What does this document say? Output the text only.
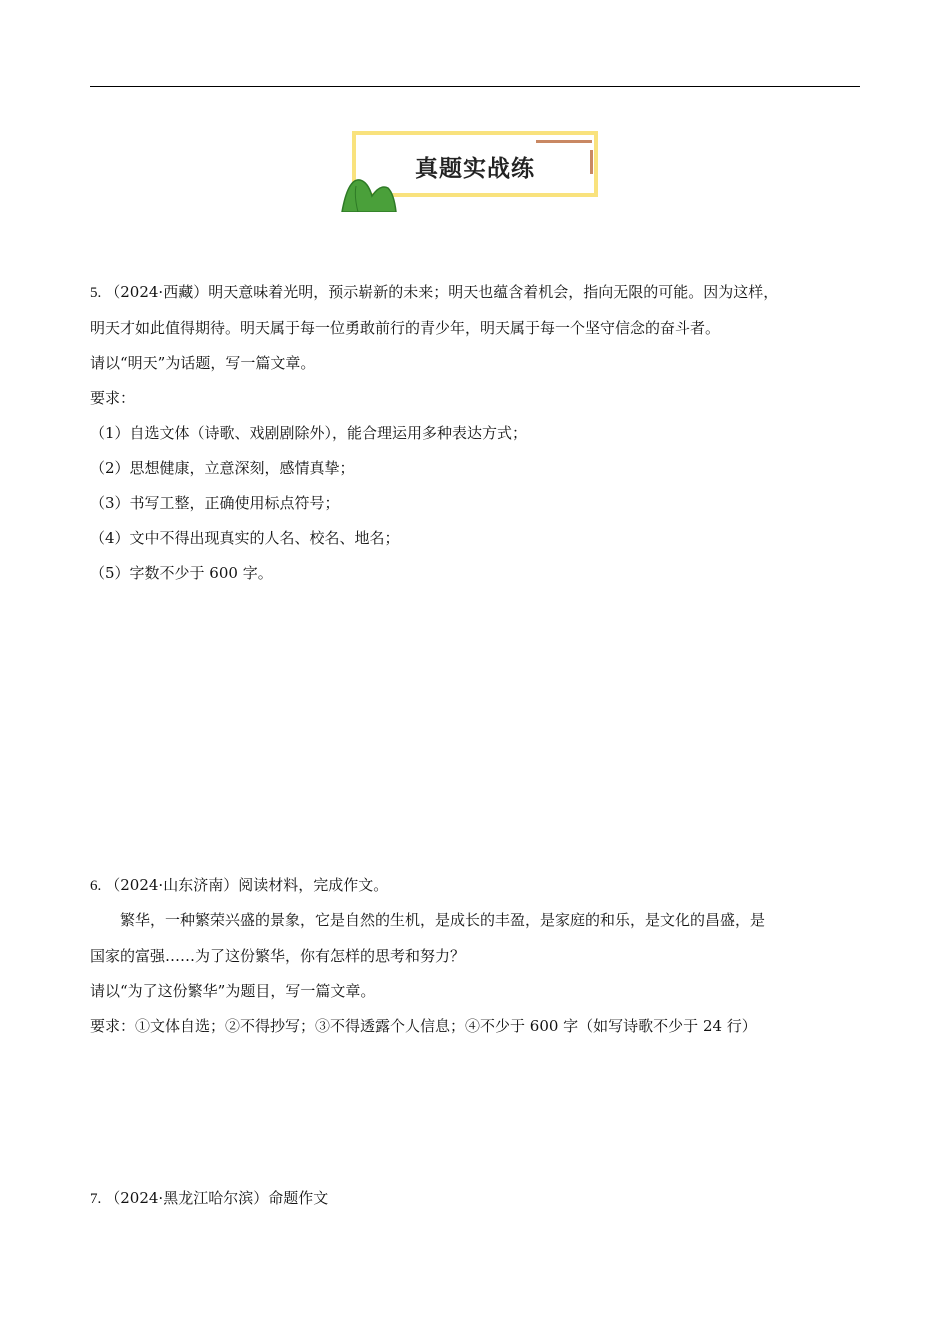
真题实战练
5. （2024·西藏）明天意味着光明，预示崭新的未来；明天也蕴含着机会，指向无限的可能。因为这样，
明天才如此值得期待。明天属于每一位勇敢前行的青少年，明天属于每一个坚守信念的奋斗者。
请以“明天”为话题，写一篇文章。
要求：
（1）自选文体（诗歌、戏剧剧除外），能合理运用多种表达方式；
（2）思想健康，立意深刻，感情真挚；
（3）书写工整，正确使用标点符号；
（4）文中不得出现真实的人名、校名、地名；
（5）字数不少于 600 字。
6. （2024·山东济南）阅读材料，完成作文。
繁华，一种繁荣兴盛的景象，它是自然的生机，是成长的丰盈，是家庭的和乐，是文化的昌盛，是
国家的富强……为了这份繁华，你有怎样的思考和努力？
请以“为了这份繁华”为题目，写一篇文章。
要求：①文体自选；②不得抄写；③不得透露个人信息；④不少于 600 字（如写诗歌不少于 24 行）
7. （2024·黑龙江哈尔滨）命题作文
